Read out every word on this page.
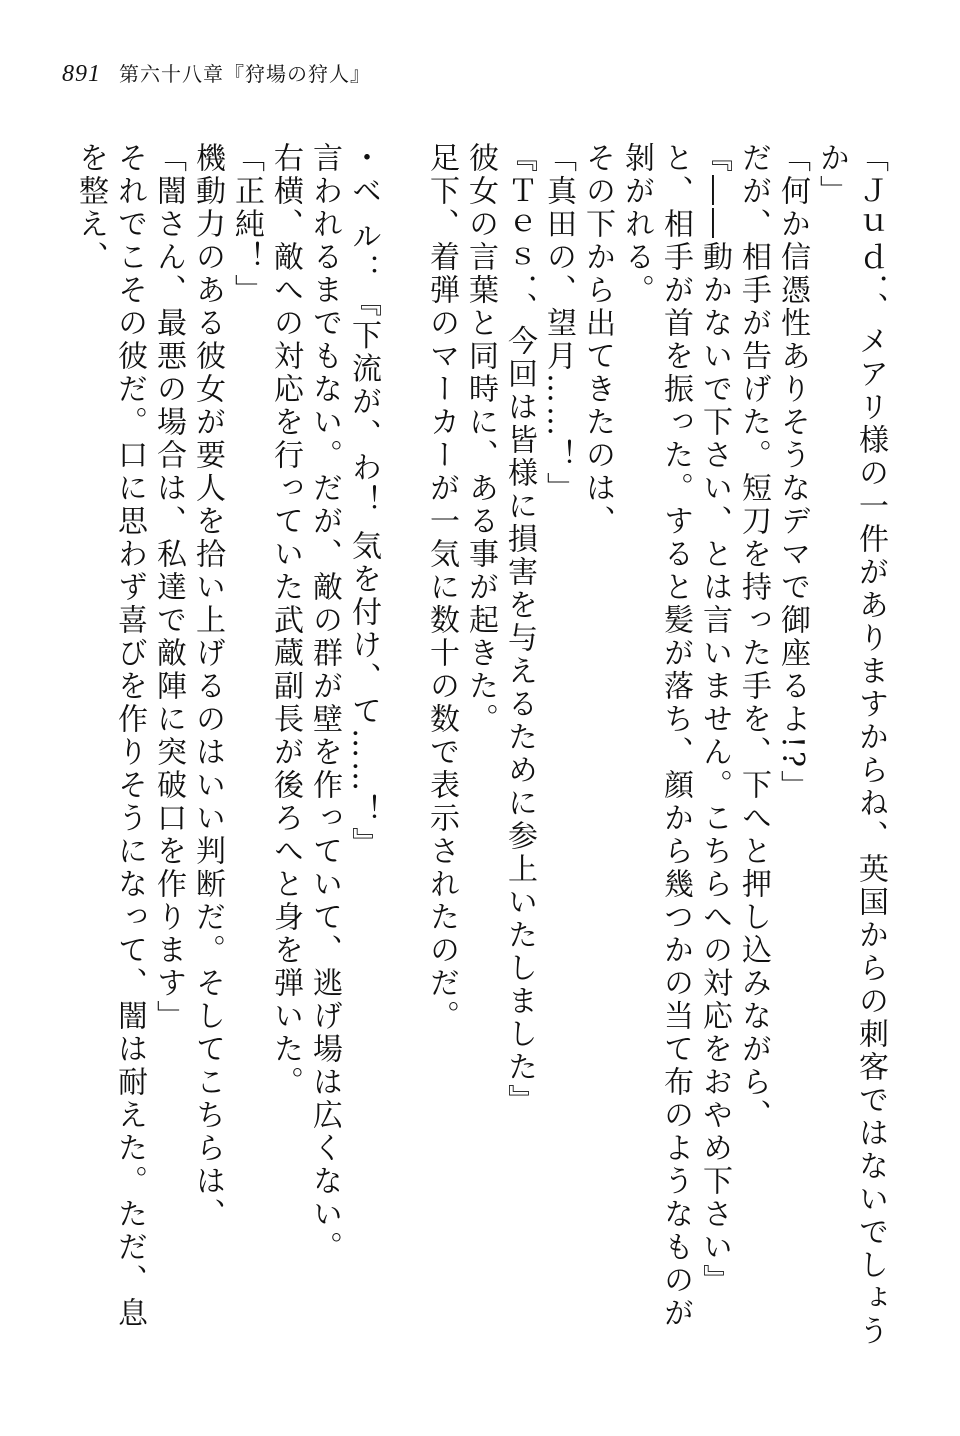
891 第六十八章『狩場の狩人』
「Ｊｕｄ．、メアリ様の一件がありますからね、英国からの刺客ではないでしょうか」
「何か信憑性ありそうなデマで御座るよ!?」
だが、相手が告げた。短刀を持った手を、下へと押し込みながら、
『――動かないで下さい、とは言いません。こちらへの対応をおやめ下さい』
と、相手が首を振った。すると髪が落ち、顔から幾つかの当て布のようなものが剝がれる。
その下から出てきたのは、
「真田の、望月……！」
『Ｔｅｓ．、今回は皆様に損害を与えるために参上いたしました』
彼女の言葉と同時に、ある事が起きた。
足下、着弾のマーカーが一気に数十の数で表示されたのだ。
・ベ ル：『下流が、わ！ 気を付け、て……！』
言われるまでもない。だが、敵の群が壁を作っていて、逃げ場は広くない。
右横、敵への対応を行っていた武蔵副長が後ろへと身を弾いた。
「正純！」
機動力のある彼女が要人を拾い上げるのはいい判断だ。そしてこちらは、
「闇さん、最悪の場合は、私達で敵陣に突破口を作ります」
それでこその彼だ。口に思わず喜びを作りそうになって、闇は耐えた。ただ、息を整え、
